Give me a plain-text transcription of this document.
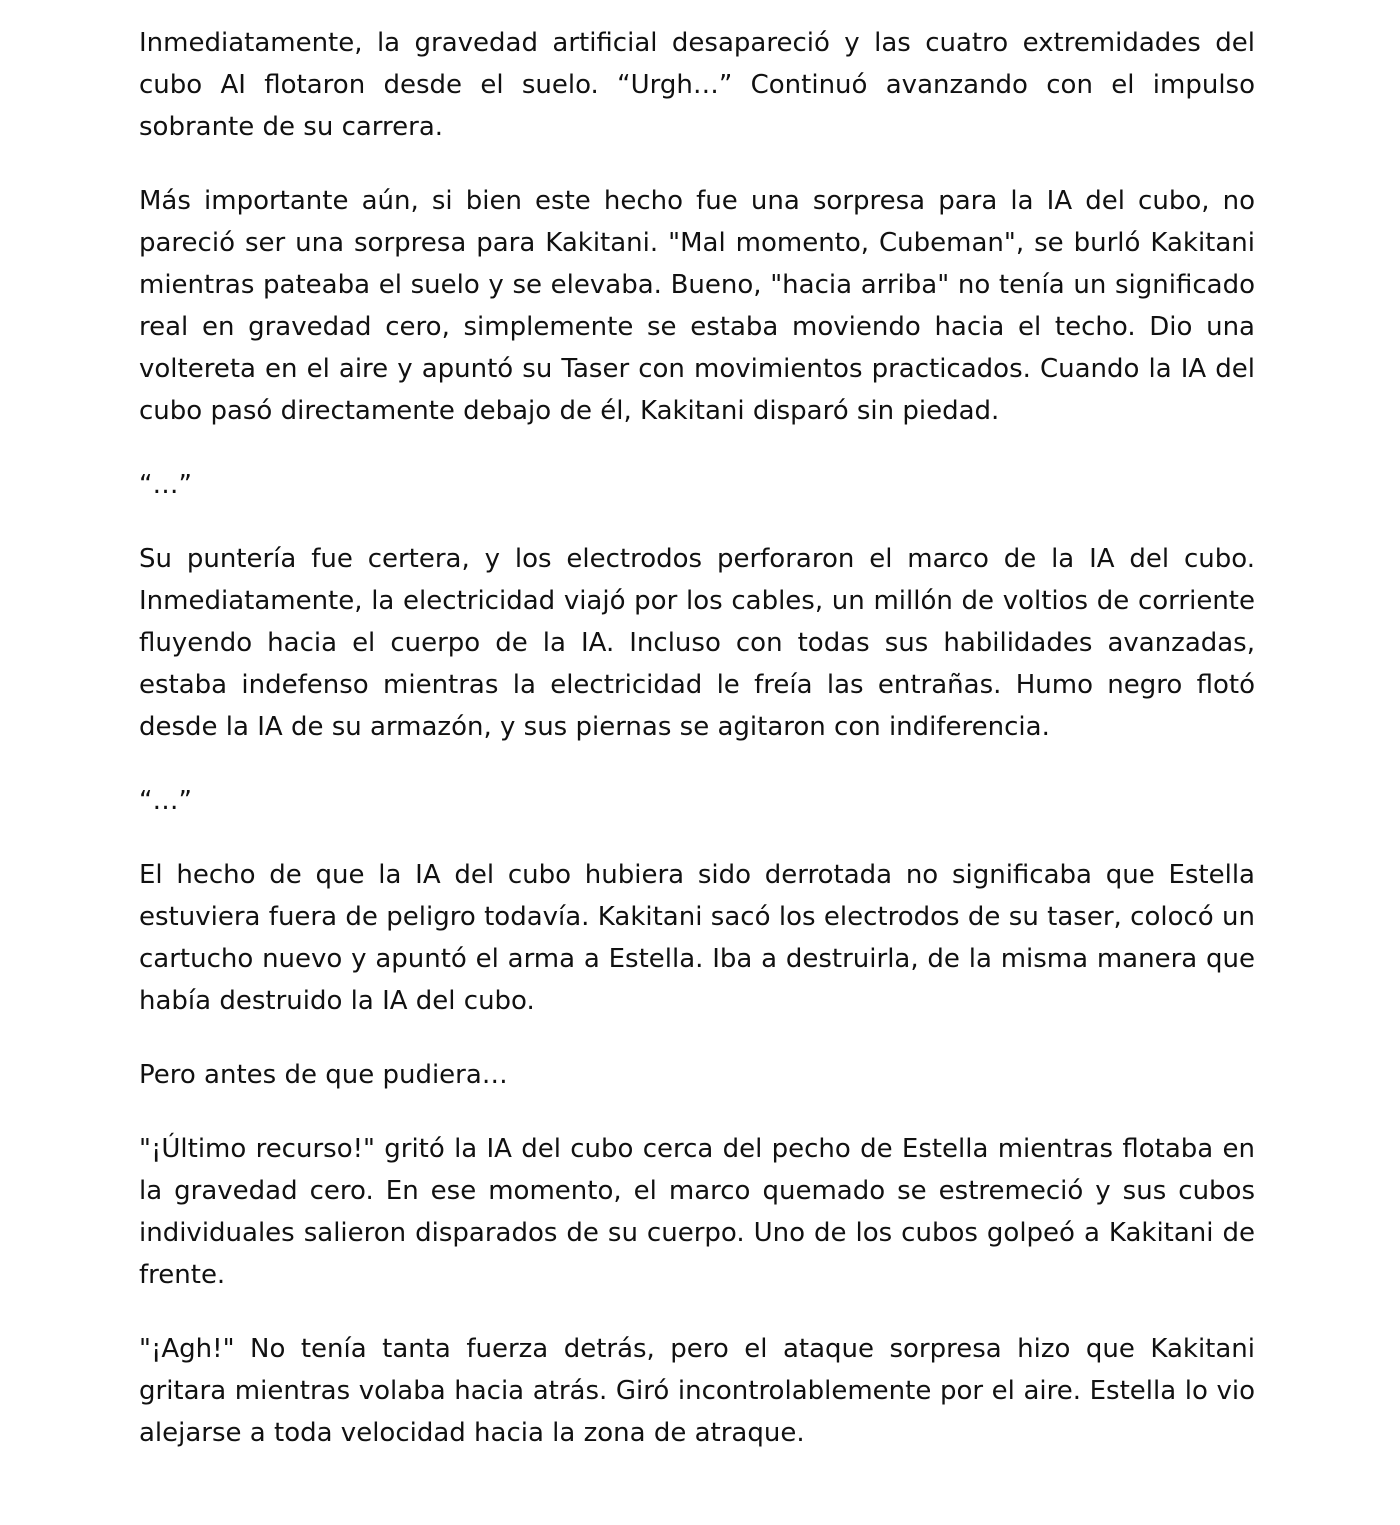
Inmediatamente, la gravedad artificial desapareció y las cuatro extremidades del cubo AI flotaron desde el suelo. “Urgh…” Continuó avanzando con el impulso sobrante de su carrera.

Más importante aún, si bien este hecho fue una sorpresa para la IA del cubo, no pareció ser una sorpresa para Kakitani. "Mal momento, Cubeman", se burló Kakitani mientras pateaba el suelo y se elevaba. Bueno, "hacia arriba" no tenía un significado real en gravedad cero, simplemente se estaba moviendo hacia el techo. Dio una voltereta en el aire y apuntó su Taser con movimientos practicados. Cuando la IA del cubo pasó directamente debajo de él, Kakitani disparó sin piedad.

“…”

Su puntería fue certera, y los electrodos perforaron el marco de la IA del cubo. Inmediatamente, la electricidad viajó por los cables, un millón de voltios de corriente fluyendo hacia el cuerpo de la IA. Incluso con todas sus habilidades avanzadas, estaba indefenso mientras la electricidad le freía las entrañas. Humo negro flotó desde la IA de su armazón, y sus piernas se agitaron con indiferencia.

“…”

El hecho de que la IA del cubo hubiera sido derrotada no significaba que Estella estuviera fuera de peligro todavía. Kakitani sacó los electrodos de su taser, colocó un cartucho nuevo y apuntó el arma a Estella. Iba a destruirla, de la misma manera que había destruido la IA del cubo.

Pero antes de que pudiera…

"¡Último recurso!" gritó la IA del cubo cerca del pecho de Estella mientras flotaba en la gravedad cero. En ese momento, el marco quemado se estremeció y sus cubos individuales salieron disparados de su cuerpo. Uno de los cubos golpeó a Kakitani de frente.

"¡Agh!" No tenía tanta fuerza detrás, pero el ataque sorpresa hizo que Kakitani gritara mientras volaba hacia atrás. Giró incontrolablemente por el aire. Estella lo vio alejarse a toda velocidad hacia la zona de atraque.
